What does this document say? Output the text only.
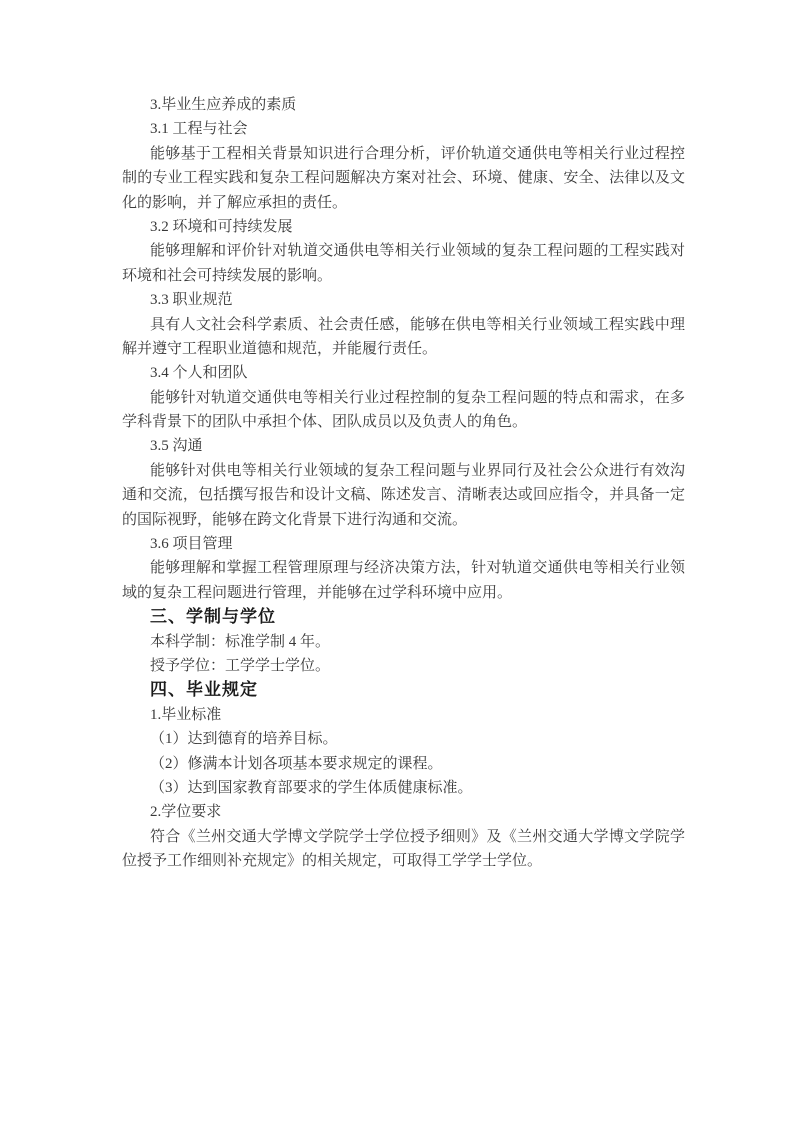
3.毕业生应养成的素质
3.1 工程与社会
能够基于工程相关背景知识进行合理分析，评价轨道交通供电等相关行业过程控
制的专业工程实践和复杂工程问题解决方案对社会、环境、健康、安全、法律以及文
化的影响，并了解应承担的责任。
3.2 环境和可持续发展
能够理解和评价针对轨道交通供电等相关行业领域的复杂工程问题的工程实践对
环境和社会可持续发展的影响。
3.3 职业规范
具有人文社会科学素质、社会责任感，能够在供电等相关行业领域工程实践中理
解并遵守工程职业道德和规范，并能履行责任。
3.4 个人和团队
能够针对轨道交通供电等相关行业过程控制的复杂工程问题的特点和需求，在多
学科背景下的团队中承担个体、团队成员以及负责人的角色。
3.5 沟通
能够针对供电等相关行业领域的复杂工程问题与业界同行及社会公众进行有效沟
通和交流，包括撰写报告和设计文稿、陈述发言、清晰表达或回应指令，并具备一定
的国际视野，能够在跨文化背景下进行沟通和交流。
3.6 项目管理
能够理解和掌握工程管理原理与经济决策方法，针对轨道交通供电等相关行业领
域的复杂工程问题进行管理，并能够在过学科环境中应用。
三、学制与学位
本科学制：标准学制 4 年。
授予学位：工学学士学位。
四、毕业规定
1.毕业标准
（1）达到德育的培养目标。
（2）修满本计划各项基本要求规定的课程。
（3）达到国家教育部要求的学生体质健康标准。
2.学位要求
符合《兰州交通大学博文学院学士学位授予细则》及《兰州交通大学博文学院学
位授予工作细则补充规定》的相关规定，可取得工学学士学位。
